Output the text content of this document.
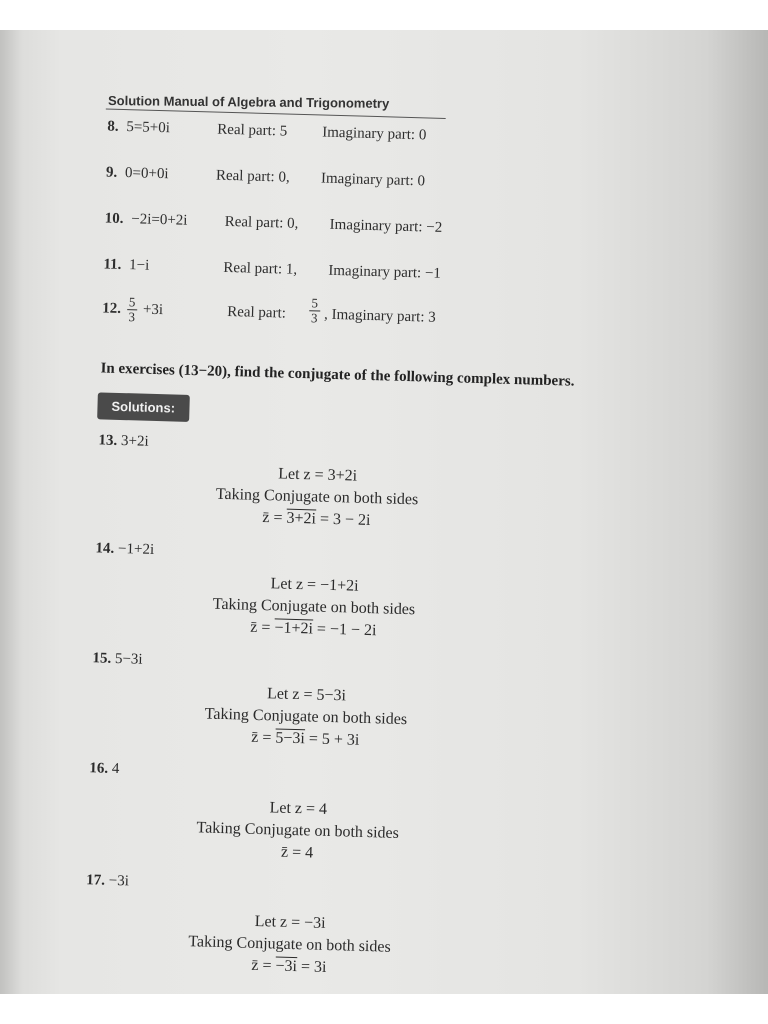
Solution Manual of Algebra and Trigonometry
8. 5=5+0i	Real part: 5 Imaginary part: 0
9. 0=0+0i	Real part: 0, Imaginary part: 0
10. −2i=0+2i Real part: 0, Imaginary part: −2
11. 1−i	Real part: 1, Imaginary part: −1
12. $\frac{5}{3} +3i$	Real part: $\frac{5}{3}$ , Imaginary part: 3
In exercises (13−20), find the conjugate of the following complex numbers.
Solutions:
13. 3+2i
Let z = 3+2i
Taking Conjugate on both sides
z̄ = 3+2i = 3 − 2i
14. −1+2i
Let z = −1+2i
Taking Conjugate on both sides
z̄ = −1+2i = −1 − 2i
15. 5−3i
Let z = 5−3i
Taking Conjugate on both sides
z̄ = 5−3i = 5 + 3i
16. 4
Let z = 4
Taking Conjugate on both sides
z̄ = 4
17. −3i
Let z = −3i
Taking Conjugate on both sides
z̄ = −3i = 3i
